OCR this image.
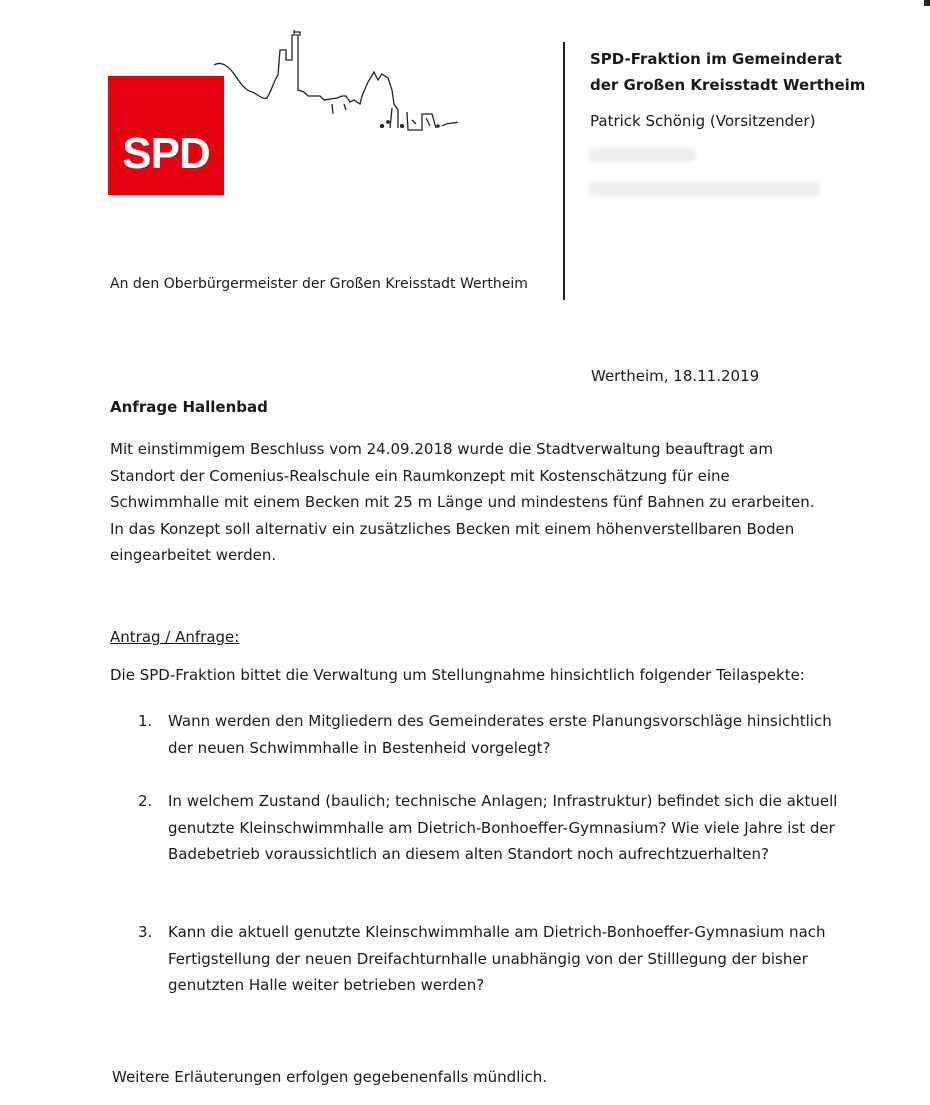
SPD
SPD-Fraktion im Gemeinderat
der Großen Kreisstadt Wertheim
Patrick Schönig (Vorsitzender)
An den Oberbürgermeister der Großen Kreisstadt Wertheim
Wertheim, 18.11.2019
Anfrage Hallenbad

Mit einstimmigem Beschluss vom 24.09.2018 wurde die Stadtverwaltung beauftragt am Standort der Comenius-Realschule ein Raumkonzept mit Kostenschätzung für eine Schwimmhalle mit einem Becken mit 25 m Länge und mindestens fünf Bahnen zu erarbeiten. In das Konzept soll alternativ ein zusätzliches Becken mit einem höhenverstellbaren Boden eingearbeitet werden.

Antrag / Anfrage:
Die SPD-Fraktion bittet die Verwaltung um Stellungnahme hinsichtlich folgender Teilaspekte:
1. Wann werden den Mitgliedern des Gemeinderates erste Planungsvorschläge hinsichtlich der neuen Schwimmhalle in Bestenheid vorgelegt?

2. In welchem Zustand (baulich; technische Anlagen; Infrastruktur) befindet sich die aktuell genutzte Kleinschwimmhalle am Dietrich-Bonhoeffer-Gymnasium? Wie viele Jahre ist der Badebetrieb voraussichtlich an diesem alten Standort noch aufrechtzuerhalten?

3. Kann die aktuell genutzte Kleinschwimmhalle am Dietrich-Bonhoeffer-Gymnasium nach Fertigstellung der neuen Dreifachturnhalle unabhängig von der Stilllegung der bisher genutzten Halle weiter betrieben werden?

Weitere Erläuterungen erfolgen gegebenenfalls mündlich.
